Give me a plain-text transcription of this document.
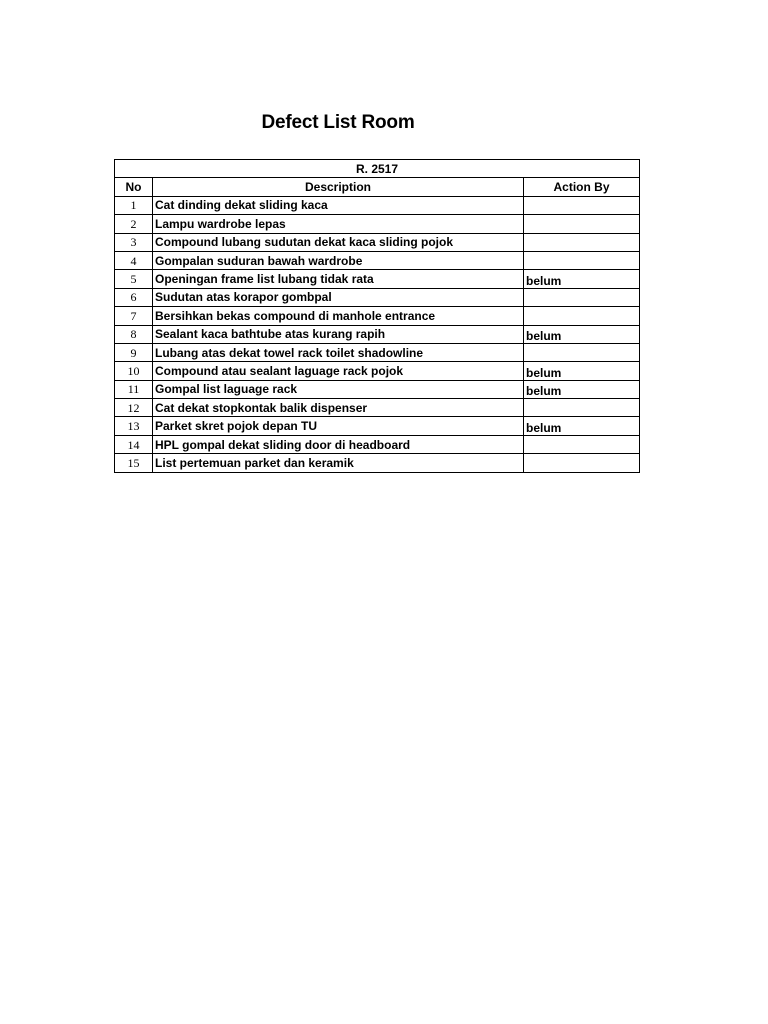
Defect List Room
R. 2517		
No	Description	Action By
1	Cat dinding dekat sliding kaca	
2	Lampu wardrobe lepas	
3	Compound lubang sudutan dekat kaca sliding pojok	
4	Gompalan suduran bawah wardrobe	
5	Openingan frame list lubang tidak rata	belum
6	Sudutan atas korapor gombpal	
7	Bersihkan bekas compound di manhole entrance	
8	Sealant kaca bathtube atas kurang rapih	belum
9	Lubang atas dekat towel rack toilet shadowline	
10	Compound atau sealant laguage rack pojok	belum
11	Gompal list laguage rack	belum
12	Cat dekat stopkontak balik dispenser	
13	Parket skret pojok depan TU	belum
14	HPL gompal dekat sliding door di headboard	
15	List pertemuan parket dan keramik	
